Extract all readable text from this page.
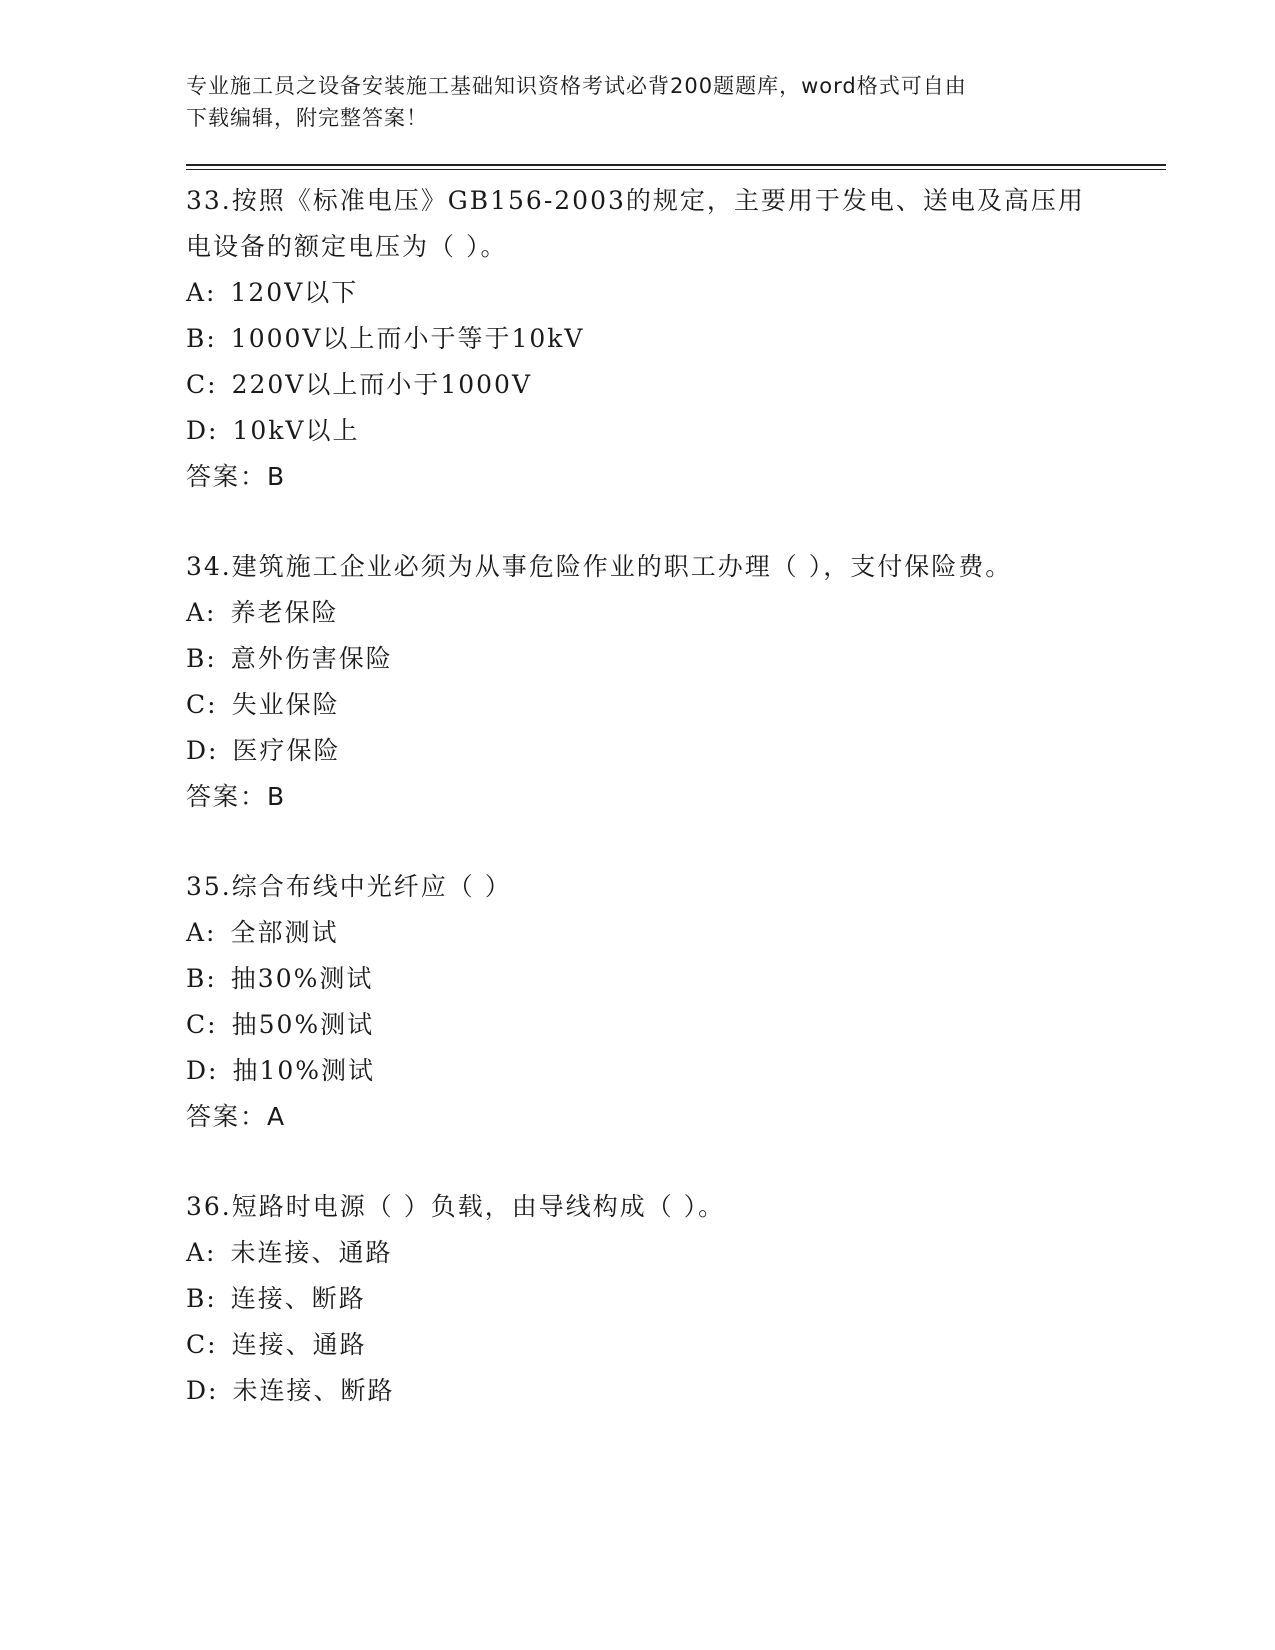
专业施工员之设备安装施工基础知识资格考试必背200题题库，word格式可自由
下载编辑，附完整答案！
33.按照《标准电压》GB156-2003的规定，主要用于发电、送电及高压用电设备的额定电压为（ ）。
A: 120V以下
B: 1000V以上而小于等于10kV
C: 220V以上而小于1000V
D: 10kV以上
答案：B
34.建筑施工企业必须为从事危险作业的职工办理（ ），支付保险费。
A: 养老保险
B: 意外伤害保险
C: 失业保险
D: 医疗保险
答案：B
35.综合布线中光纤应（ ）
A: 全部测试
B: 抽30%测试
C: 抽50%测试
D: 抽10%测试
答案：A
36.短路时电源（ ）负载，由导线构成（ ）。
A: 未连接、通路
B: 连接、断路
C: 连接、通路
D: 未连接、断路
